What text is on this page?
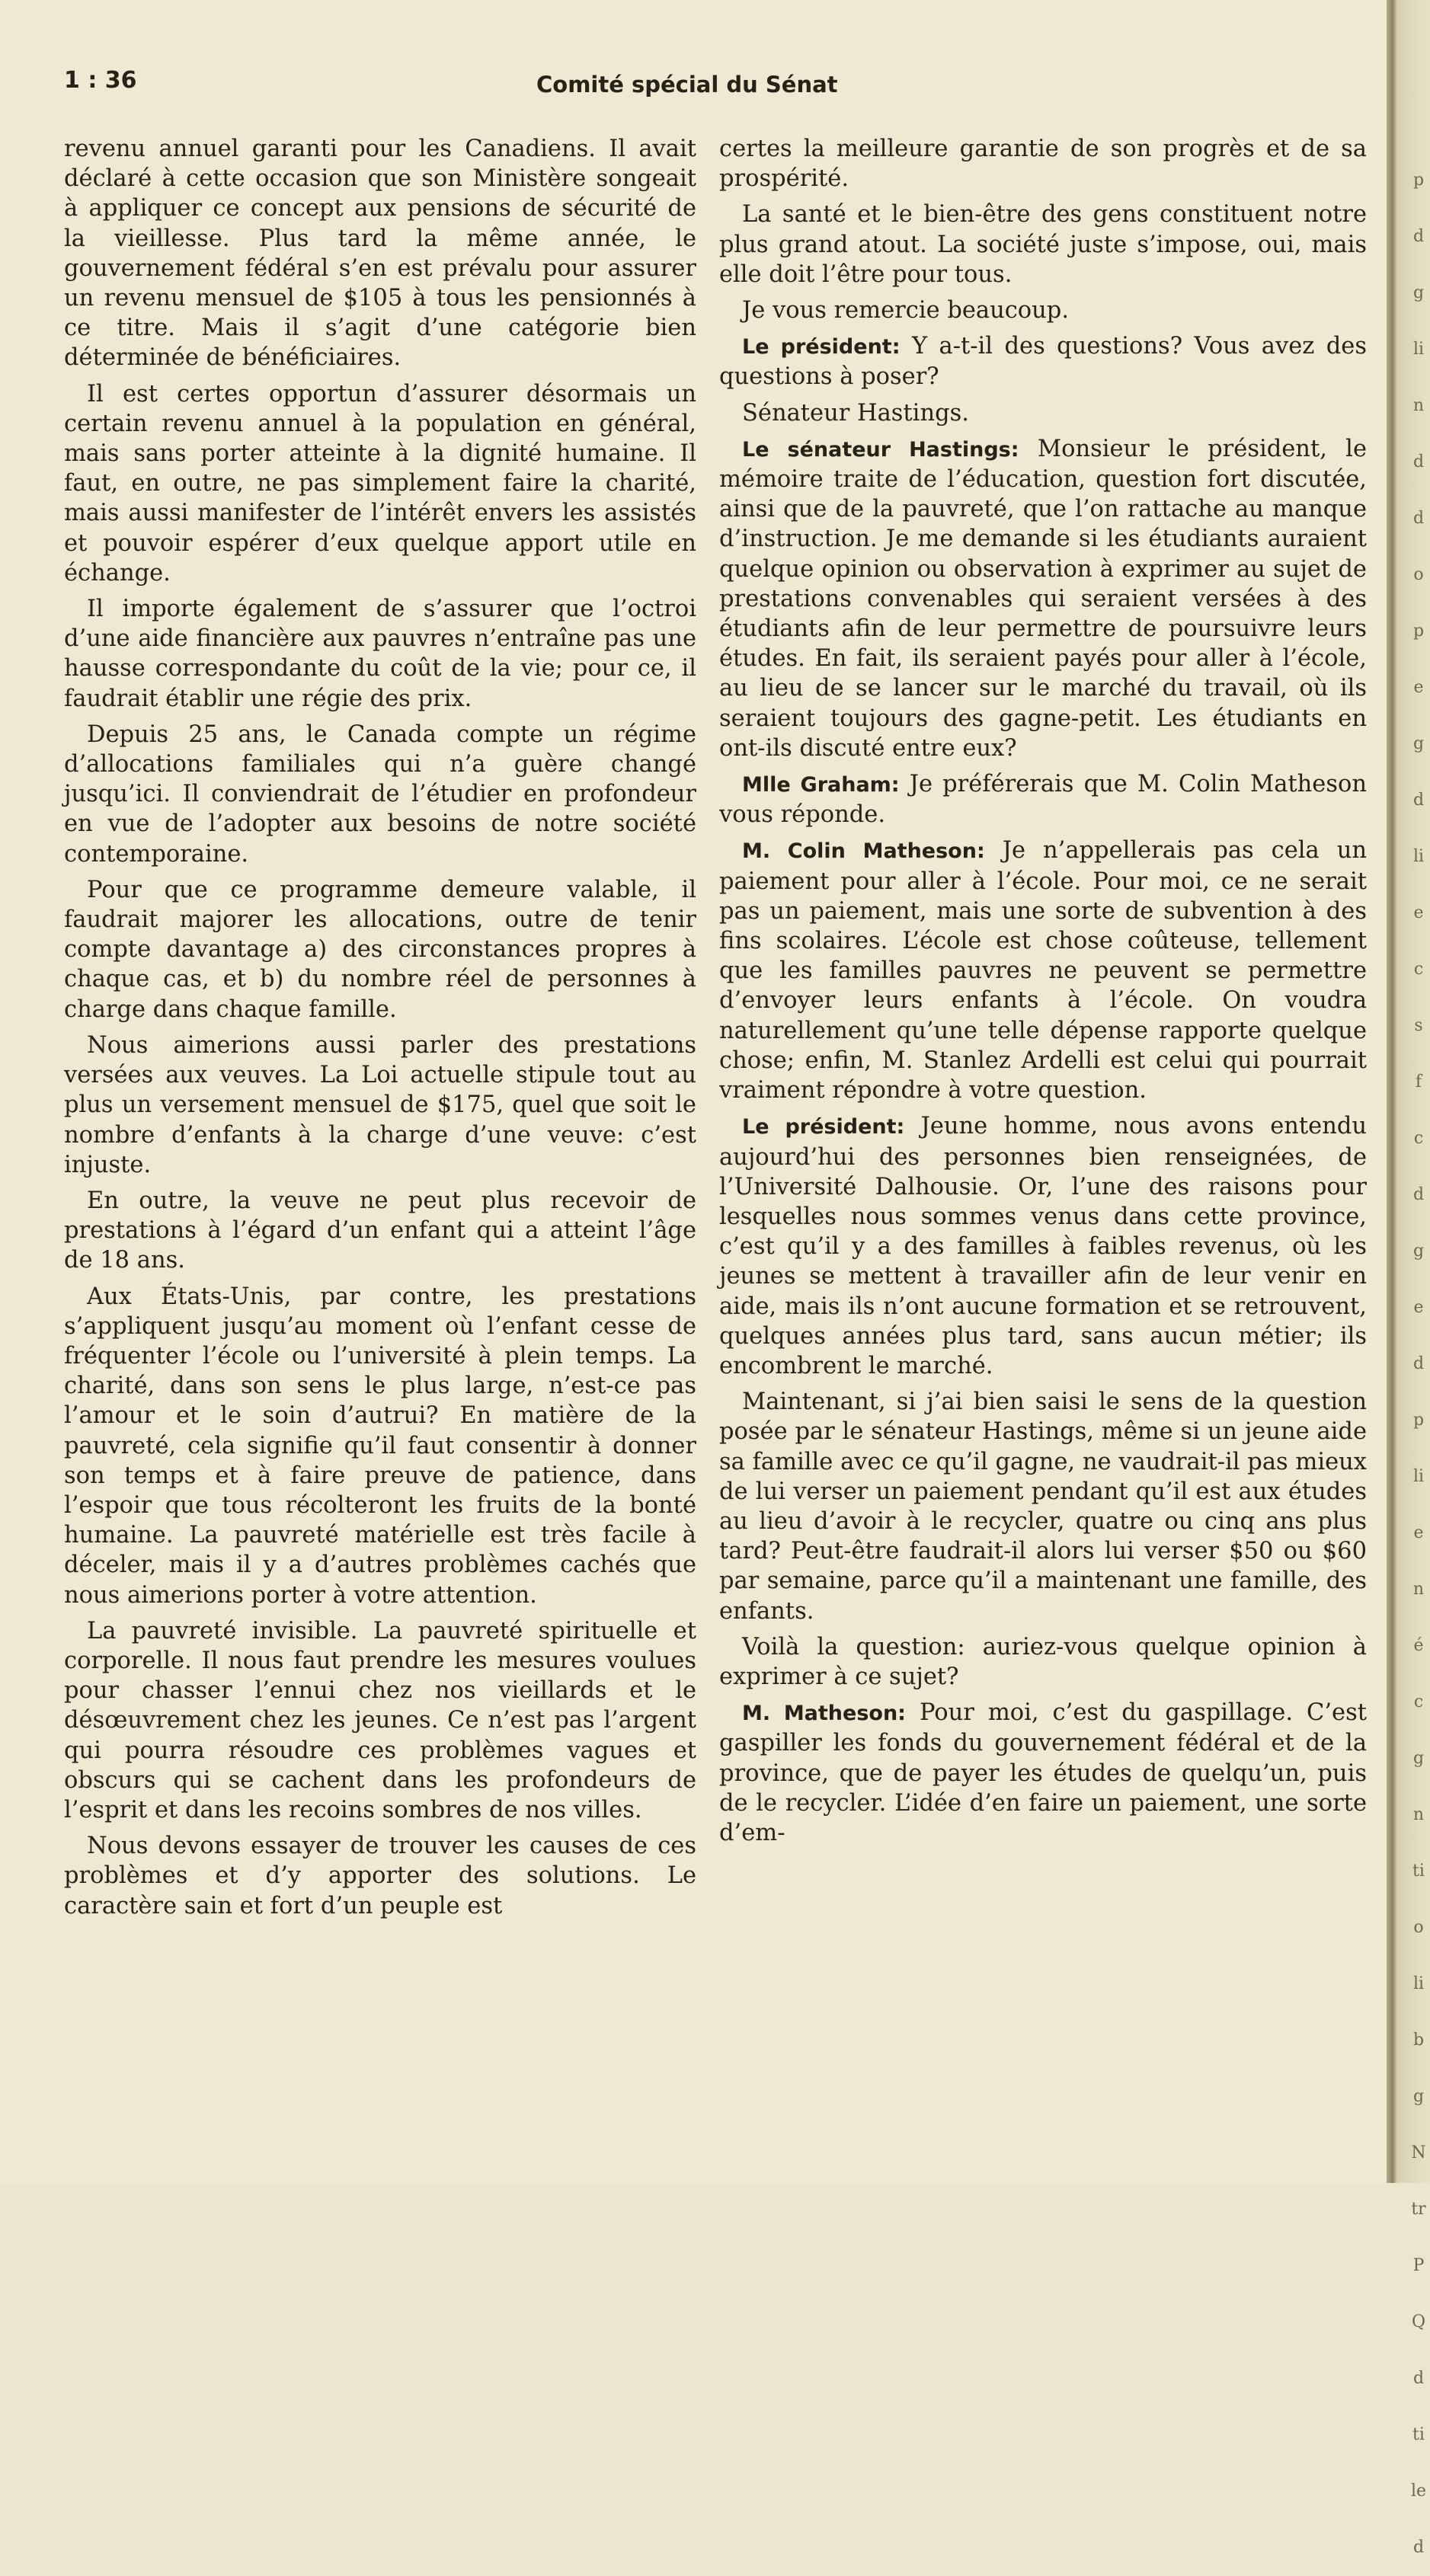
1 : 36	Comité spécial du Sénat

revenu annuel garanti pour les Canadiens. Il avait déclaré à cette occasion que son Ministère songeait à appliquer ce concept aux pensions de sécurité de la vieillesse. Plus tard la même année, le gouvernement fédéral s’en est prévalu pour assurer un revenu mensuel de $105 à tous les pensionnés à ce titre. Mais il s’agit d’une catégorie bien déterminée de bénéficiaires.

Il est certes opportun d’assurer désormais un certain revenu annuel à la population en général, mais sans porter atteinte à la dignité humaine. Il faut, en outre, ne pas simplement faire la charité, mais aussi manifester de l’intérêt envers les assistés et pouvoir espérer d’eux quelque apport utile en échange.

Il importe également de s’assurer que l’octroi d’une aide financière aux pauvres n’entraîne pas une hausse correspondante du coût de la vie; pour ce, il faudrait établir une régie des prix.

Depuis 25 ans, le Canada compte un régime d’allocations familiales qui n’a guère changé jusqu’ici. Il conviendrait de l’étudier en profondeur en vue de l’adopter aux besoins de notre société contemporaine.

Pour que ce programme demeure valable, il faudrait majorer les allocations, outre de tenir compte davantage a) des circonstances propres à chaque cas, et b) du nombre réel de personnes à charge dans chaque famille.

Nous aimerions aussi parler des prestations versées aux veuves. La Loi actuelle stipule tout au plus un versement mensuel de $175, quel que soit le nombre d’enfants à la charge d’une veuve: c’est injuste.

En outre, la veuve ne peut plus recevoir de prestations à l’égard d’un enfant qui a atteint l’âge de 18 ans.

Aux États-Unis, par contre, les prestations s’appliquent jusqu’au moment où l’enfant cesse de fréquenter l’école ou l’université à plein temps. La charité, dans son sens le plus large, n’est-ce pas l’amour et le soin d’autrui? En matière de la pauvreté, cela signifie qu’il faut consentir à donner son temps et à faire preuve de patience, dans l’espoir que tous récolteront les fruits de la bonté humaine. La pauvreté matérielle est très facile à déceler, mais il y a d’autres problèmes cachés que nous aimerions porter à votre attention.

La pauvreté invisible. La pauvreté spirituelle et corporelle. Il nous faut prendre les mesures voulues pour chasser l’ennui chez nos vieillards et le désœuvrement chez les jeunes. Ce n’est pas l’argent qui pourra résoudre ces problèmes vagues et obscurs qui se cachent dans les profondeurs de l’esprit et dans les recoins sombres de nos villes.

Nous devons essayer de trouver les causes de ces problèmes et d’y apporter des solutions. Le caractère sain et fort d’un peuple est

certes la meilleure garantie de son progrès et de sa prospérité.

La santé et le bien-être des gens constituent notre plus grand atout. La société juste s’impose, oui, mais elle doit l’être pour tous.

Je vous remercie beaucoup.

Le président: Y a-t-il des questions? Vous avez des questions à poser?

Sénateur Hastings.

Le sénateur Hastings: Monsieur le président, le mémoire traite de l’éducation, question fort discutée, ainsi que de la pauvreté, que l’on rattache au manque d’instruction. Je me demande si les étudiants auraient quelque opinion ou observation à exprimer au sujet de prestations convenables qui seraient versées à des étudiants afin de leur permettre de poursuivre leurs études. En fait, ils seraient payés pour aller à l’école, au lieu de se lancer sur le marché du travail, où ils seraient toujours des gagne-petit. Les étudiants en ont-ils discuté entre eux?

Mlle Graham: Je préférerais que M. Colin Matheson vous réponde.

M. Colin Matheson: Je n’appellerais pas cela un paiement pour aller à l’école. Pour moi, ce ne serait pas un paiement, mais une sorte de subvention à des fins scolaires. L’école est chose coûteuse, tellement que les familles pauvres ne peuvent se permettre d’envoyer leurs enfants à l’école. On voudra naturellement qu’une telle dépense rapporte quelque chose; enfin, M. Stanlez Ardelli est celui qui pourrait vraiment répondre à votre question.

Le président: Jeune homme, nous avons entendu aujourd’hui des personnes bien renseignées, de l’Université Dalhousie. Or, l’une des raisons pour lesquelles nous sommes venus dans cette province, c’est qu’il y a des familles à faibles revenus, où les jeunes se mettent à travailler afin de leur venir en aide, mais ils n’ont aucune formation et se retrouvent, quelques années plus tard, sans aucun métier; ils encombrent le marché.

Maintenant, si j’ai bien saisi le sens de la question posée par le sénateur Hastings, même si un jeune aide sa famille avec ce qu’il gagne, ne vaudrait-il pas mieux de lui verser un paiement pendant qu’il est aux études au lieu d’avoir à le recycler, quatre ou cinq ans plus tard? Peut-être faudrait-il alors lui verser $50 ou $60 par semaine, parce qu’il a maintenant une famille, des enfants.

Voilà la question: auriez-vous quelque opinion à exprimer à ce sujet?

M. Matheson: Pour moi, c’est du gaspillage. C’est gaspiller les fonds du gouvernement fédéral et de la province, que de payer les études de quelqu’un, puis de le recycler. L’idée d’en faire un paiement, une sorte d’em-

p
d
g
li
n
d
d
o
p
e
g
d
li
e
c
s
f
c
d
g
e
d
p
li
e
n
é
c
g
n
ti
o
li
b
g
N
tr
P
Q
d
ti
le
d
